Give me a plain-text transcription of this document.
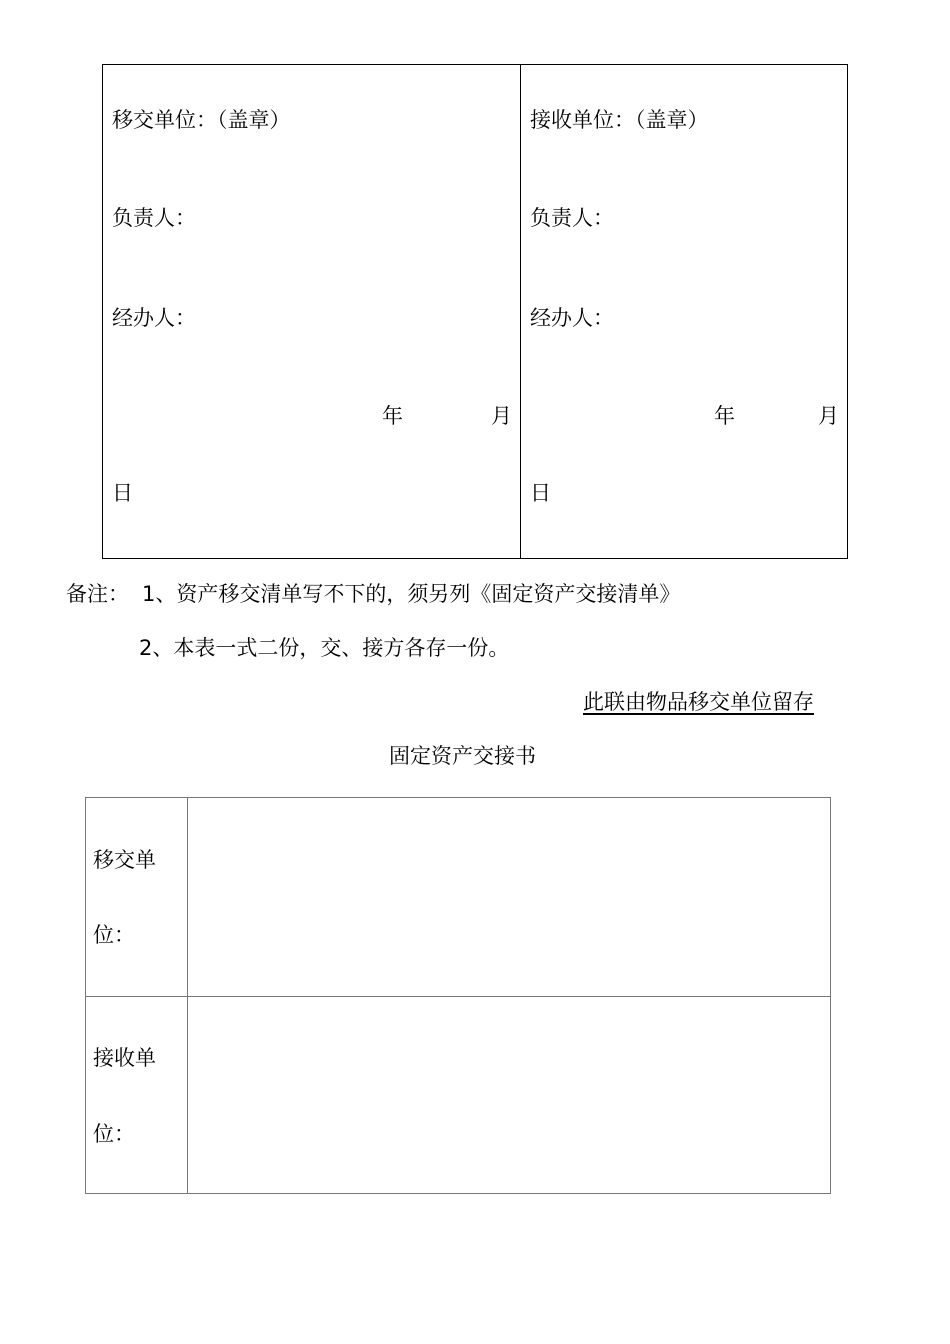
移交单位：（盖章）
负责人：
经办人：
年	月
日
接收单位：（盖章）
负责人：
经办人：
年	月
日
备注： 1、资产移交清单写不下的，须另列《固定资产交接清单》
2、本表一式二份，交、接方各存一份。
此联由物品移交单位留存
固定资产交接书
移交单
位：
接收单
位：
